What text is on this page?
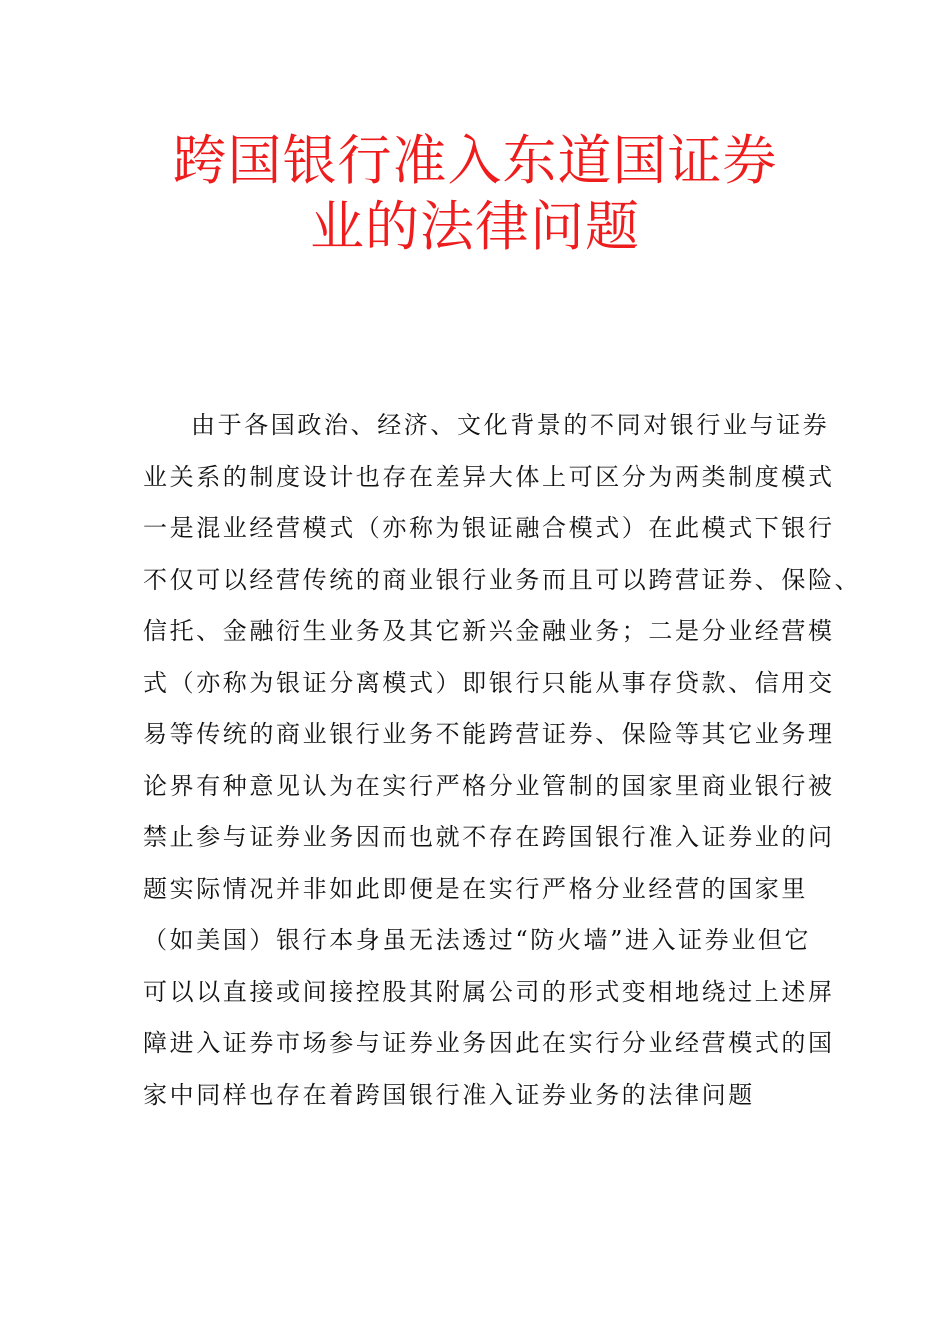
跨国银行准入东道国证券
业的法律问题
由于各国政治、经济、文化背景的不同对银行业与证券
业关系的制度设计也存在差异大体上可区分为两类制度模式
一是混业经营模式（亦称为银证融合模式）在此模式下银行
不仅可以经营传统的商业银行业务而且可以跨营证券、保险、
信托、金融衍生业务及其它新兴金融业务；二是分业经营模
式（亦称为银证分离模式）即银行只能从事存贷款、信用交
易等传统的商业银行业务不能跨营证券、保险等其它业务理
论界有种意见认为在实行严格分业管制的国家里商业银行被
禁止参与证券业务因而也就不存在跨国银行准入证券业的问
题实际情况并非如此即便是在实行严格分业经营的国家里
（如美国）银行本身虽无法透过“防火墙”进入证券业但它
可以以直接或间接控股其附属公司的形式变相地绕过上述屏
障进入证券市场参与证券业务因此在实行分业经营模式的国
家中同样也存在着跨国银行准入证券业务的法律问题
